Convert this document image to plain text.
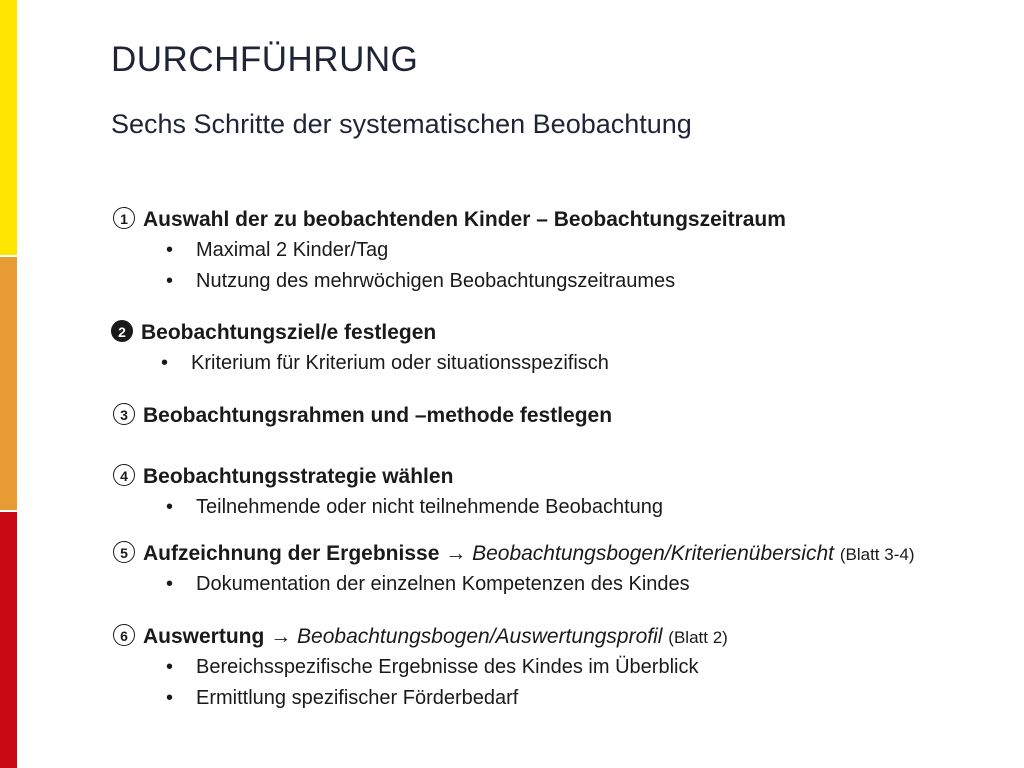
DURCHFÜHRUNG
Sechs Schritte der systematischen Beobachtung
1 Auswahl der zu beobachtenden Kinder – Beobachtungszeitraum
• Maximal 2 Kinder/Tag
• Nutzung des mehrwöchigen Beobachtungszeitraumes
2 Beobachtungsziel/e festlegen
• Kriterium für Kriterium oder situationsspezifisch
3 Beobachtungsrahmen und –methode festlegen
4 Beobachtungsstrategie wählen
• Teilnehmende oder nicht teilnehmende Beobachtung
5 Aufzeichnung der Ergebnisse → Beobachtungsbogen/Kriterienübersicht (Blatt 3-4)
• Dokumentation der einzelnen Kompetenzen des Kindes
6 Auswertung → Beobachtungsbogen/Auswertungsprofil (Blatt 2)
• Bereichsspezifische Ergebnisse des Kindes im Überblick
• Ermittlung spezifischer Förderbedarf
